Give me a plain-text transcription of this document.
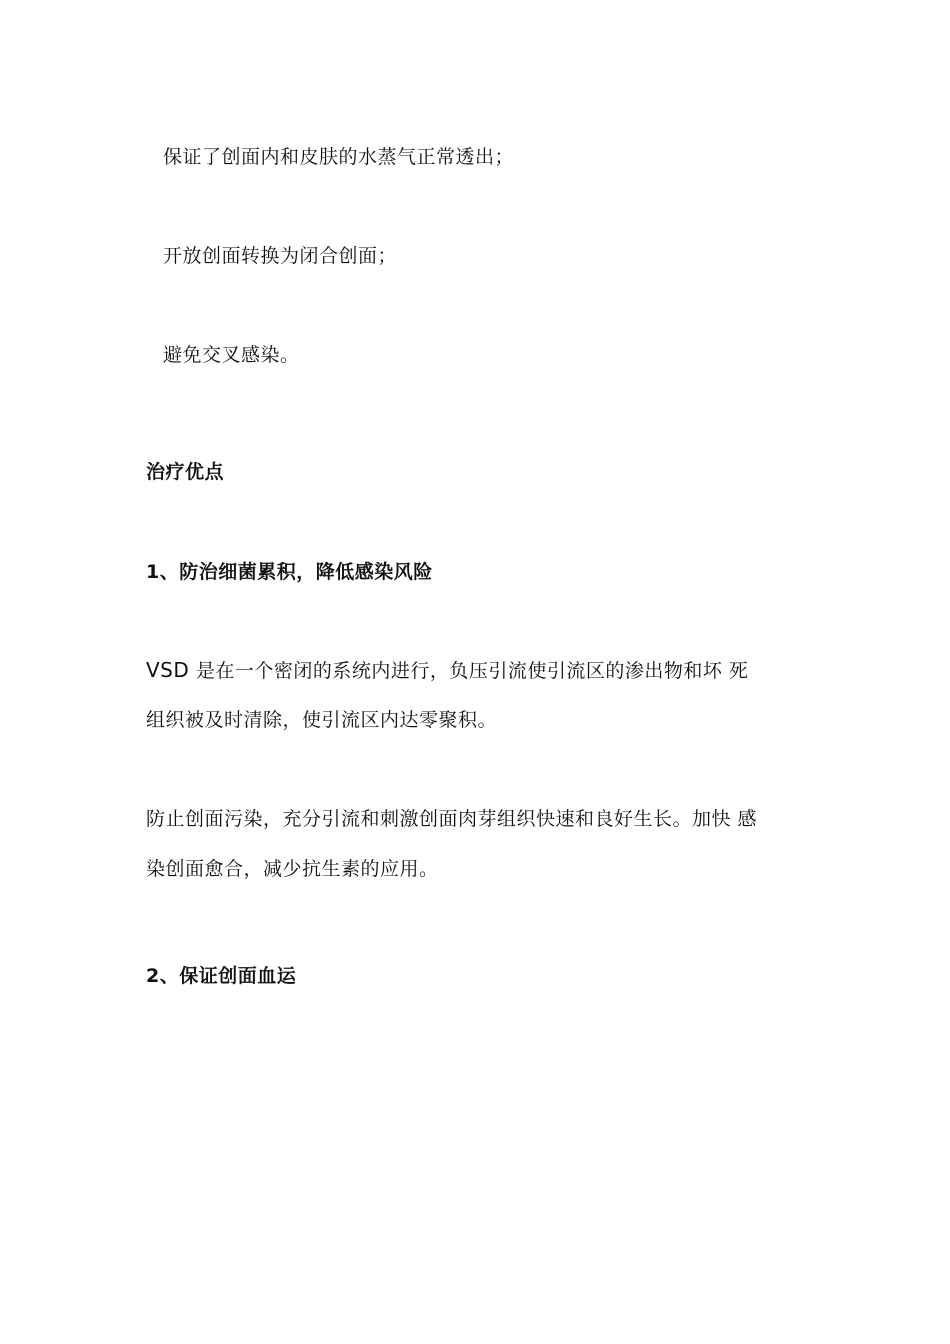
保证了创面内和皮肤的水蒸气正常透出；
开放创面转换为闭合创面；
避免交叉感染。
治疗优点
1、防治细菌累积，降低感染风险
VSD 是在一个密闭的系统内进行，负压引流使引流区的渗出物和坏 死
组织被及时清除，使引流区内达零聚积。
防止创面污染，充分引流和刺激创面肉芽组织快速和良好生长。加快 感
染创面愈合，减少抗生素的应用。
2、保证创面血运
